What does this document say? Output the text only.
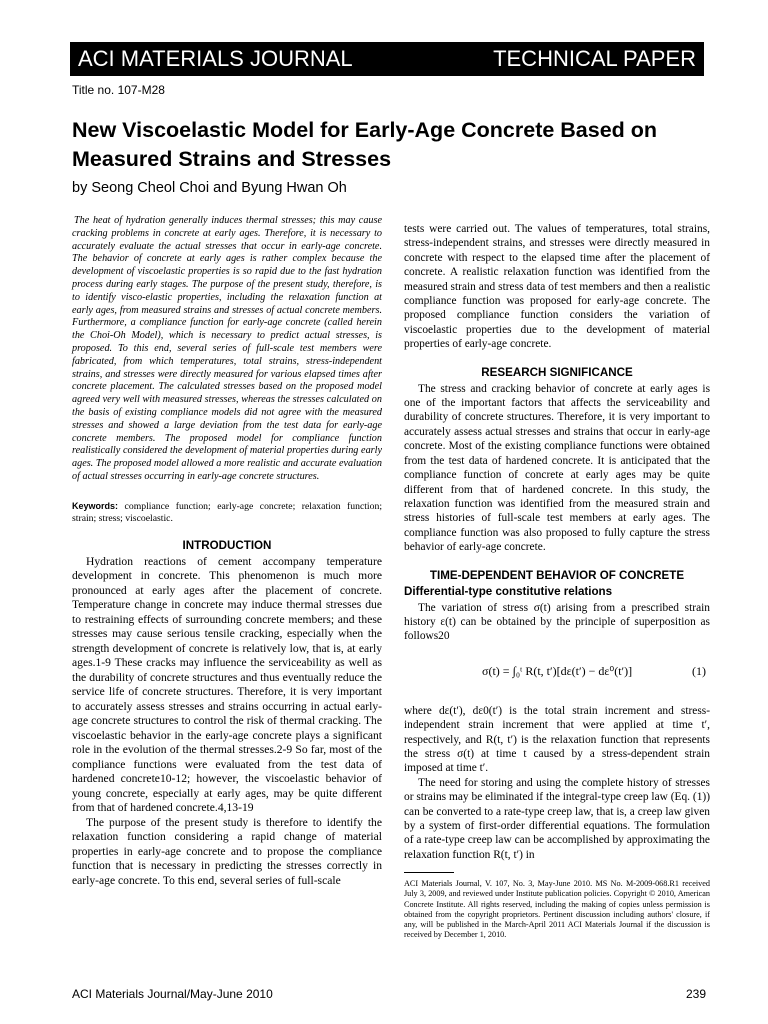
ACI MATERIALS JOURNAL	TECHNICAL PAPER
Title no. 107-M28
New Viscoelastic Model for Early-Age Concrete Based on Measured Strains and Stresses
by Seong Cheol Choi and Byung Hwan Oh

The heat of hydration generally induces thermal stresses; this may cause cracking problems in concrete at early ages. Therefore, it is necessary to accurately evaluate the actual stresses that occur in early-age concrete. The behavior of concrete at early ages is rather complex because the development of viscoelastic properties is so rapid due to the fast hydration process during early stages. The purpose of the present study, therefore, is to identify visco-elastic properties, including the relaxation function at early ages, from measured strains and stresses of actual concrete members. Furthermore, a compliance function for early-age concrete (called herein the Choi-Oh Model), which is necessary to predict actual stresses, is proposed. To this end, several series of full-scale test members were fabricated, from which temperatures, total strains, stress-independent strains, and stresses were directly measured for various elapsed times after concrete placement. The calculated stresses based on the proposed model agreed very well with measured stresses, whereas the stresses calculated on the basis of existing compliance models did not agree with the measured stresses and showed a large deviation from the test data for early-age concrete members. The proposed model for compliance function realistically considered the development of material properties during early ages. The proposed model allowed a more realistic and accurate evaluation of actual stresses occurring in early-age concrete structures.

Keywords: compliance function; early-age concrete; relaxation function; strain; stress; viscoelastic.

INTRODUCTION

Hydration reactions of cement accompany temperature development in concrete. This phenomenon is much more pronounced at early ages after the placement of concrete. Temperature change in concrete may induce thermal stresses due to restraining effects of surrounding concrete members; and these stresses may cause serious tensile cracking, especially when the strength development of concrete is relatively low, that is, at early ages.1-9 These cracks may influence the serviceability as well as the durability of concrete structures and thus eventually reduce the service life of concrete structures. Therefore, it is very important to accurately assess stresses and strains occurring in actual early-age concrete structures to control the risk of thermal cracking. The viscoelastic behavior in the early-age concrete plays a significant role in the evolution of the thermal stresses.2-9 So far, most of the compliance functions were evaluated from the test data of hardened concrete10-12; however, the viscoelastic behavior of young concrete, especially at early ages, may be quite different from that of hardened concrete.4,13-19

The purpose of the present study is therefore to identify the relaxation function considering a rapid change of material properties in early-age concrete and to propose the compliance function that is necessary in predicting the stresses correctly in early-age concrete. To this end, several series of full-scale

tests were carried out. The values of temperatures, total strains, stress-independent strains, and stresses were directly measured in concrete with respect to the elapsed time after the placement of concrete. A realistic relaxation function was identified from the measured strain and stress data of test members and then a realistic compliance function was proposed for early-age concrete. The proposed compliance function considers the variation of viscoelastic properties due to the development of material properties of early-age concrete.

RESEARCH SIGNIFICANCE

The stress and cracking behavior of concrete at early ages is one of the important factors that affects the serviceability and durability of concrete structures. Therefore, it is very important to accurately assess actual stresses and strains that occur in early-age concrete. Most of the existing compliance functions were obtained from the test data of hardened concrete. It is anticipated that the compliance function of concrete at early ages may be quite different from that of hardened concrete. In this study, the relaxation function was identified from the measured strain and stress histories of full-scale test members at early ages. The compliance function was also proposed to fully capture the stress behavior of early-age concrete.

TIME-DEPENDENT BEHAVIOR OF CONCRETE
Differential-type constitutive relations

The variation of stress σ(t) arising from a prescribed strain history ε(t) can be obtained by the principle of superposition as follows20

σ(t) = ∫₀ᵗ R(t, t′)[dε(t′) − dε⁰(t′)]	(1)

where dε(t′), dε0(t′) is the total strain increment and stress-independent strain increment that were applied at time t′, respectively, and R(t, t′) is the relaxation function that represents the stress σ(t) at time t caused by a stress-dependent strain imposed at time t′.

The need for storing and using the complete history of stresses or strains may be eliminated if the integral-type creep law (Eq. (1)) can be converted to a rate-type creep law, that is, a creep law given by a system of first-order differential equations. The formulation of a rate-type creep law can be accomplished by approximating the relaxation function R(t, t′) in

ACI Materials Journal, V. 107, No. 3, May-June 2010. MS No. M-2009-068.R1 received July 3, 2009, and reviewed under Institute publication policies. Copyright © 2010, American Concrete Institute. All rights reserved, including the making of copies unless permission is obtained from the copyright proprietors. Pertinent discussion including authors' closure, if any, will be published in the March-April 2011 ACI Materials Journal if the discussion is received by December 1, 2010.

ACI Materials Journal/May-June 2010	239
